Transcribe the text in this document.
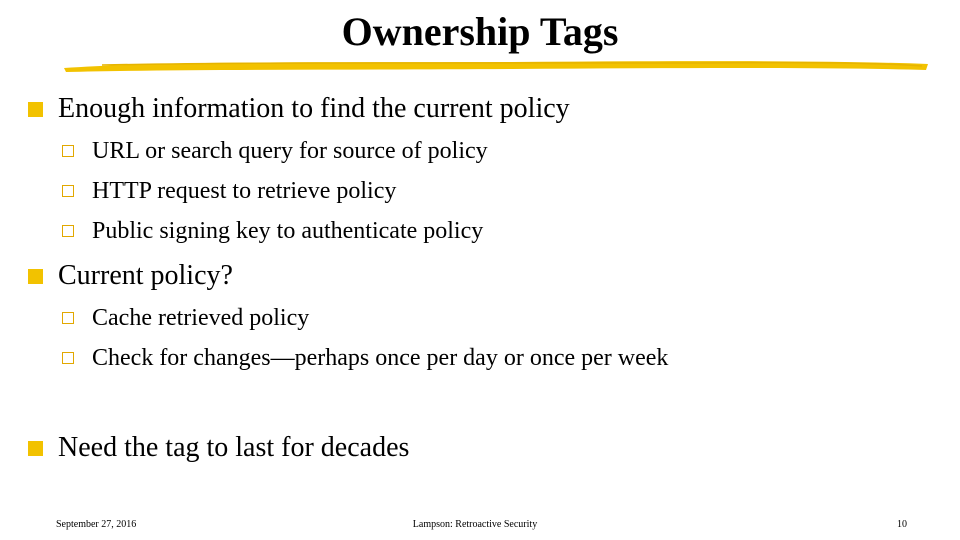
Ownership Tags
Enough information to find the current policy
URL or search query for source of policy
HTTP request to retrieve policy
Public signing key to authenticate policy
Current policy?
Cache retrieved policy
Check for changes—perhaps once per day or once per week
Need the tag to last for decades
September 27, 2016	Lampson: Retroactive Security	10
